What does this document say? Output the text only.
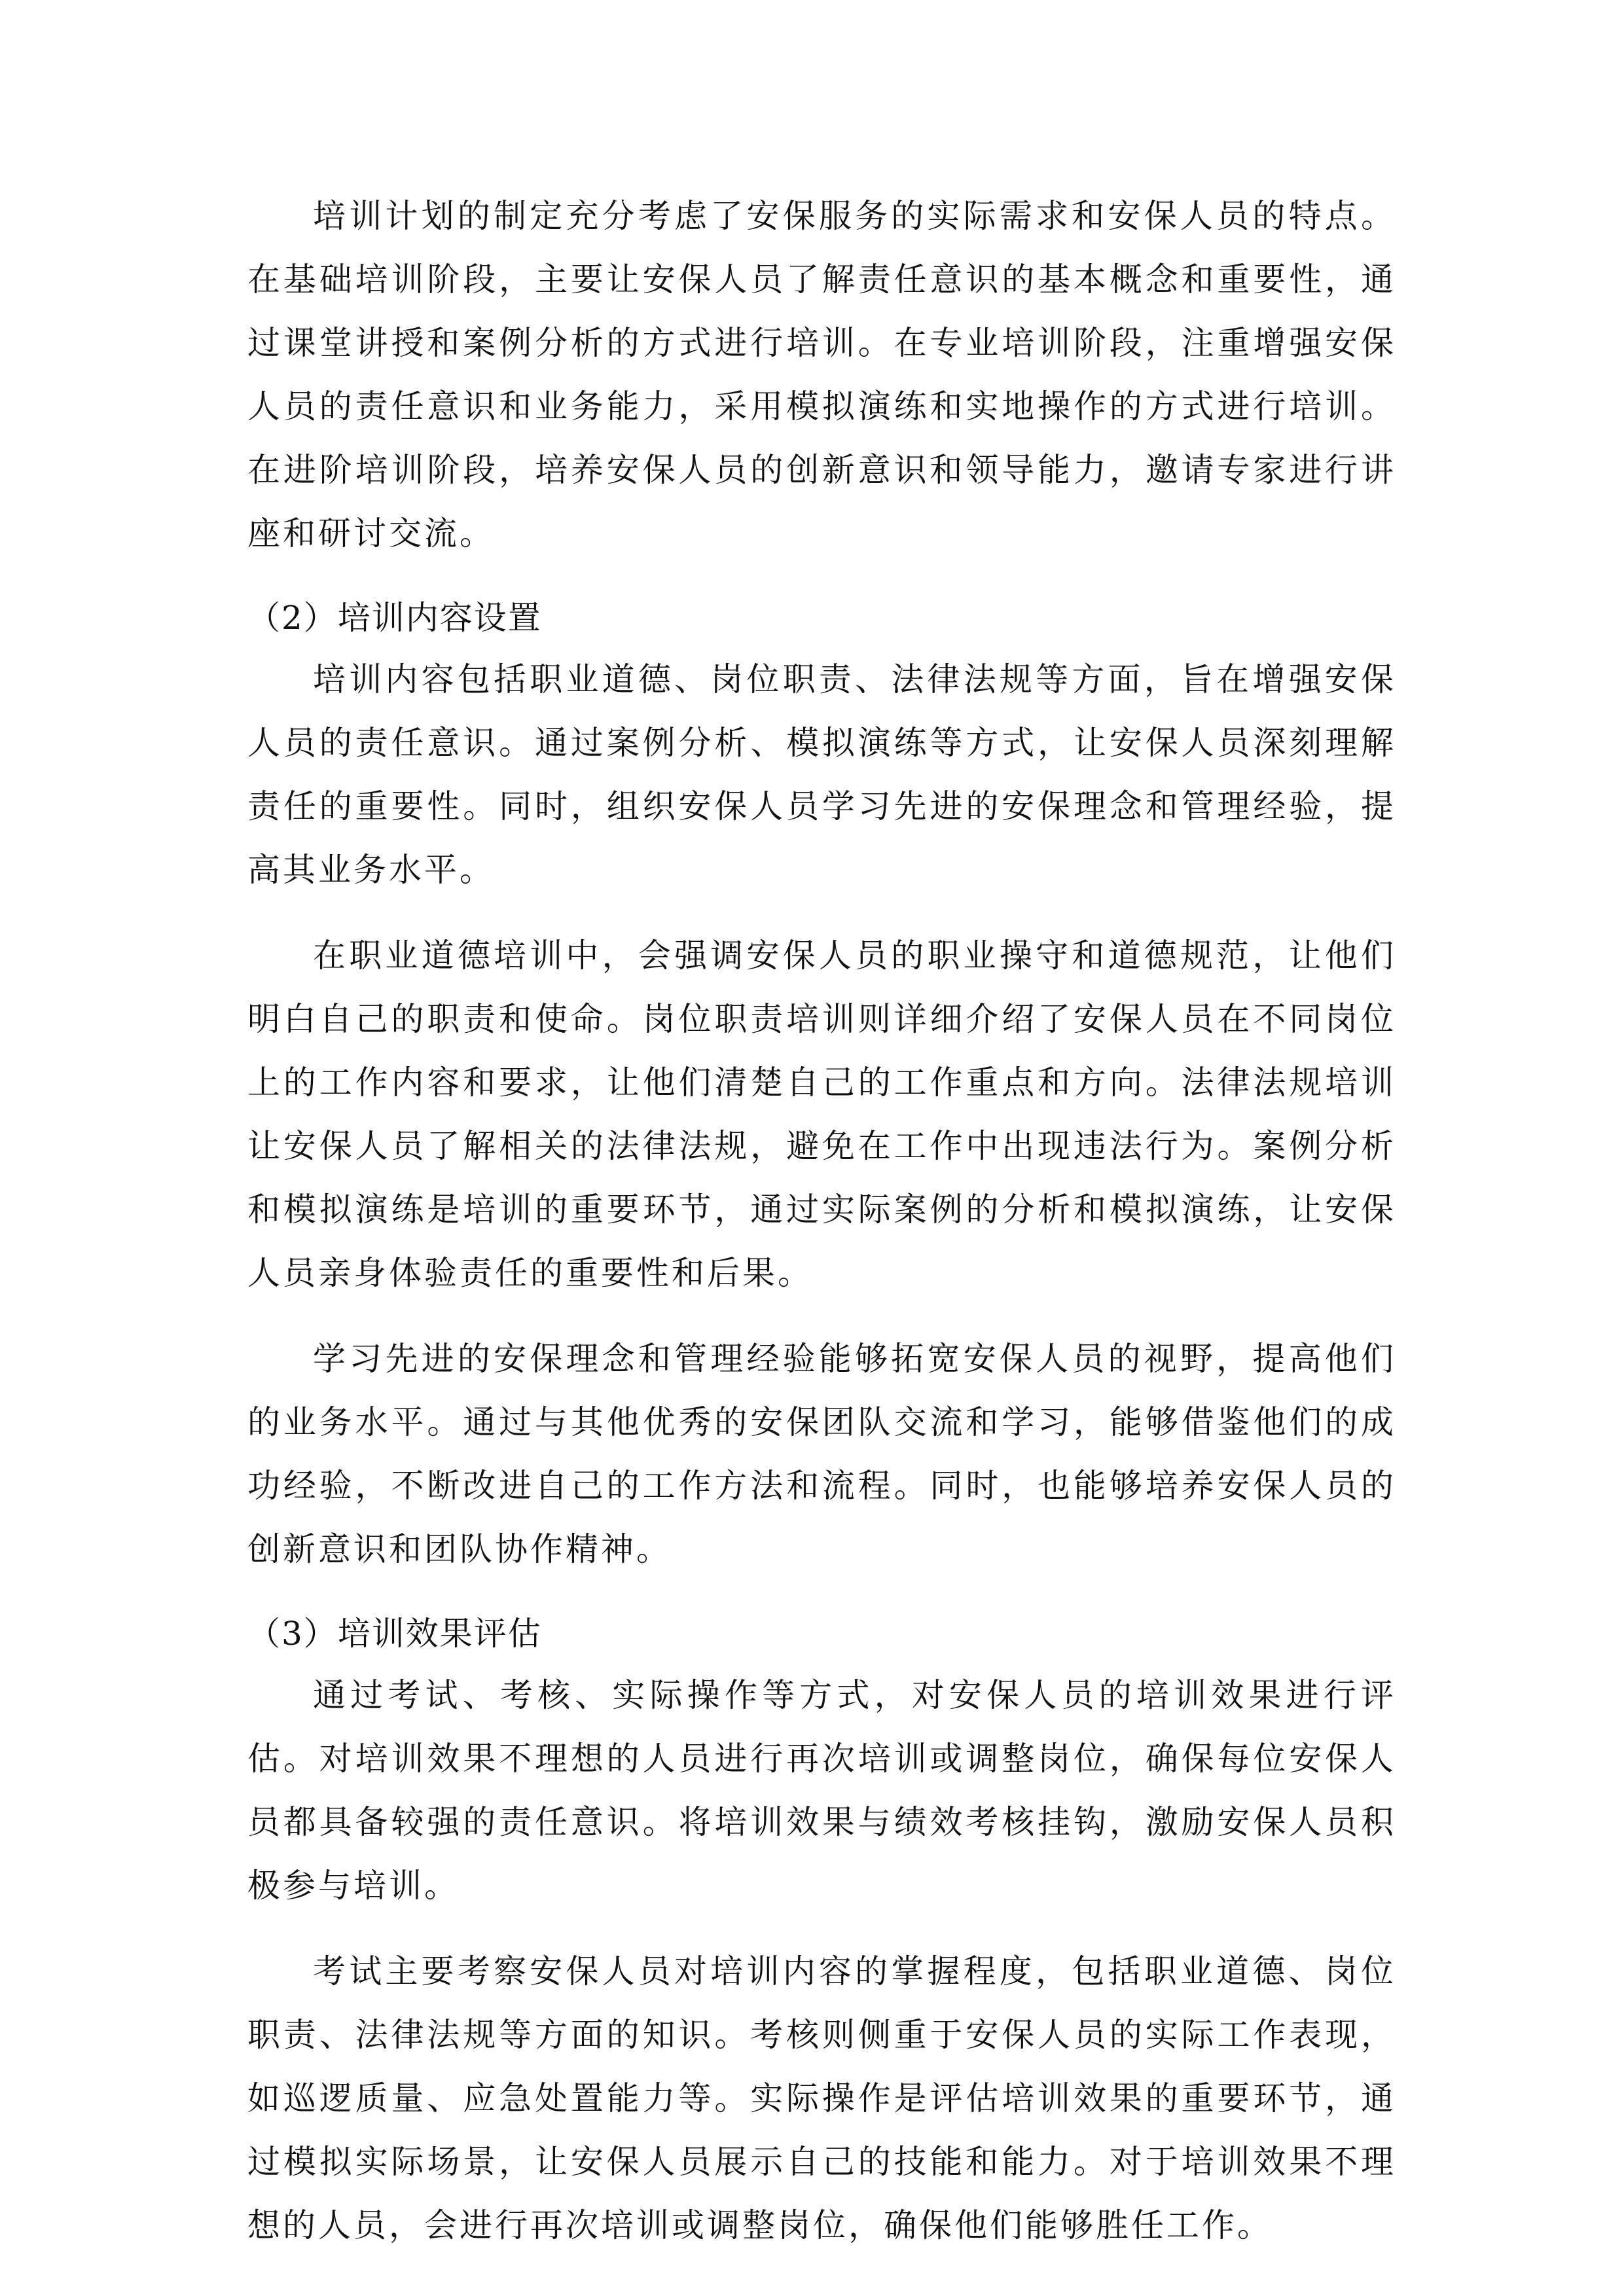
培训计划的制定充分考虑了安保服务的实际需求和安保人员的特点。在基础培训阶段，主要让安保人员了解责任意识的基本概念和重要性，通过课堂讲授和案例分析的方式进行培训。在专业培训阶段，注重增强安保人员的责任意识和业务能力，采用模拟演练和实地操作的方式进行培训。在进阶培训阶段，培养安保人员的创新意识和领导能力，邀请专家进行讲座和研讨交流。

（2）培训内容设置

培训内容包括职业道德、岗位职责、法律法规等方面，旨在增强安保人员的责任意识。通过案例分析、模拟演练等方式，让安保人员深刻理解责任的重要性。同时，组织安保人员学习先进的安保理念和管理经验，提高其业务水平。

在职业道德培训中，会强调安保人员的职业操守和道德规范，让他们明白自己的职责和使命。岗位职责培训则详细介绍了安保人员在不同岗位上的工作内容和要求，让他们清楚自己的工作重点和方向。法律法规培训让安保人员了解相关的法律法规，避免在工作中出现违法行为。案例分析和模拟演练是培训的重要环节，通过实际案例的分析和模拟演练，让安保人员亲身体验责任的重要性和后果。

学习先进的安保理念和管理经验能够拓宽安保人员的视野，提高他们的业务水平。通过与其他优秀的安保团队交流和学习，能够借鉴他们的成功经验，不断改进自己的工作方法和流程。同时，也能够培养安保人员的创新意识和团队协作精神。

（3）培训效果评估

通过考试、考核、实际操作等方式，对安保人员的培训效果进行评估。对培训效果不理想的人员进行再次培训或调整岗位，确保每位安保人员都具备较强的责任意识。将培训效果与绩效考核挂钩，激励安保人员积极参与培训。

考试主要考察安保人员对培训内容的掌握程度，包括职业道德、岗位职责、法律法规等方面的知识。考核则侧重于安保人员的实际工作表现，如巡逻质量、应急处置能力等。实际操作是评估培训效果的重要环节，通过模拟实际场景，让安保人员展示自己的技能和能力。对于培训效果不理想的人员，会进行再次培训或调整岗位，确保他们能够胜任工作。
